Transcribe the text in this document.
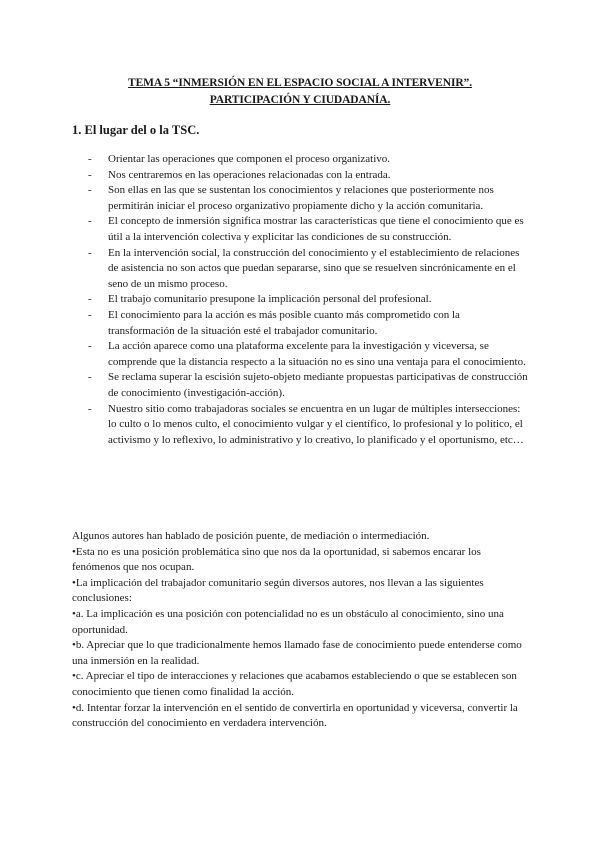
TEMA 5 “INMERSIÓN EN EL ESPACIO SOCIAL A INTERVENIR”.
PARTICIPACIÓN Y CIUDADANÍA.
1. El lugar del o la TSC.
- Orientar las operaciones que componen el proceso organizativo.
- Nos centraremos en las operaciones relacionadas con la entrada.
- Son ellas en las que se sustentan los conocimientos y relaciones que posteriormente nos permitirán iniciar el proceso organizativo propiamente dicho y la acción comunitaria.
- El concepto de inmersión significa mostrar las características que tiene el conocimiento que es útil a la intervención colectiva y explicitar las condiciones de su construcción.
- En la intervención social, la construcción del conocimiento y el establecimiento de relaciones de asistencia no son actos que puedan separarse, sino que se resuelven sincrónicamente en el seno de un mismo proceso.
- El trabajo comunitario presupone la implicación personal del profesional.
- El conocimiento para la acción es más posible cuanto más comprometido con la transformación de la situación esté el trabajador comunitario.
- La acción aparece como una plataforma excelente para la investigación y viceversa, se comprende que la distancia respecto a la situación no es sino una ventaja para el conocimiento.
- Se reclama superar la escisión sujeto-objeto mediante propuestas participativas de construcción de conocimiento (investigación-acción).
- Nuestro sitio como trabajadoras sociales se encuentra en un lugar de múltiples intersecciones: lo culto o lo menos culto, el conocimiento vulgar y el científico, lo profesional y lo político, el activismo y lo reflexivo, lo administrativo y lo creativo, lo planificado y el oportunismo, etc…

Algunos autores han hablado de posición puente, de mediación o intermediación.

•Esta no es una posición problemática sino que nos da la oportunidad, si sabemos encarar los fenómenos que nos ocupan.

•La implicación del trabajador comunitario según diversos autores, nos llevan a las siguientes conclusiones:

•a. La implicación es una posición con potencialidad no es un obstáculo al conocimiento, sino una oportunidad.

•b. Apreciar que lo que tradicionalmente hemos llamado fase de conocimiento puede entenderse como una inmersión en la realidad.

•c. Apreciar el tipo de interacciones y relaciones que acabamos estableciendo o que se establecen son conocimiento que tienen como finalidad la acción.

•d. Intentar forzar la intervención en el sentido de convertirla en oportunidad y viceversa, convertir la construcción del conocimiento en verdadera intervención.
